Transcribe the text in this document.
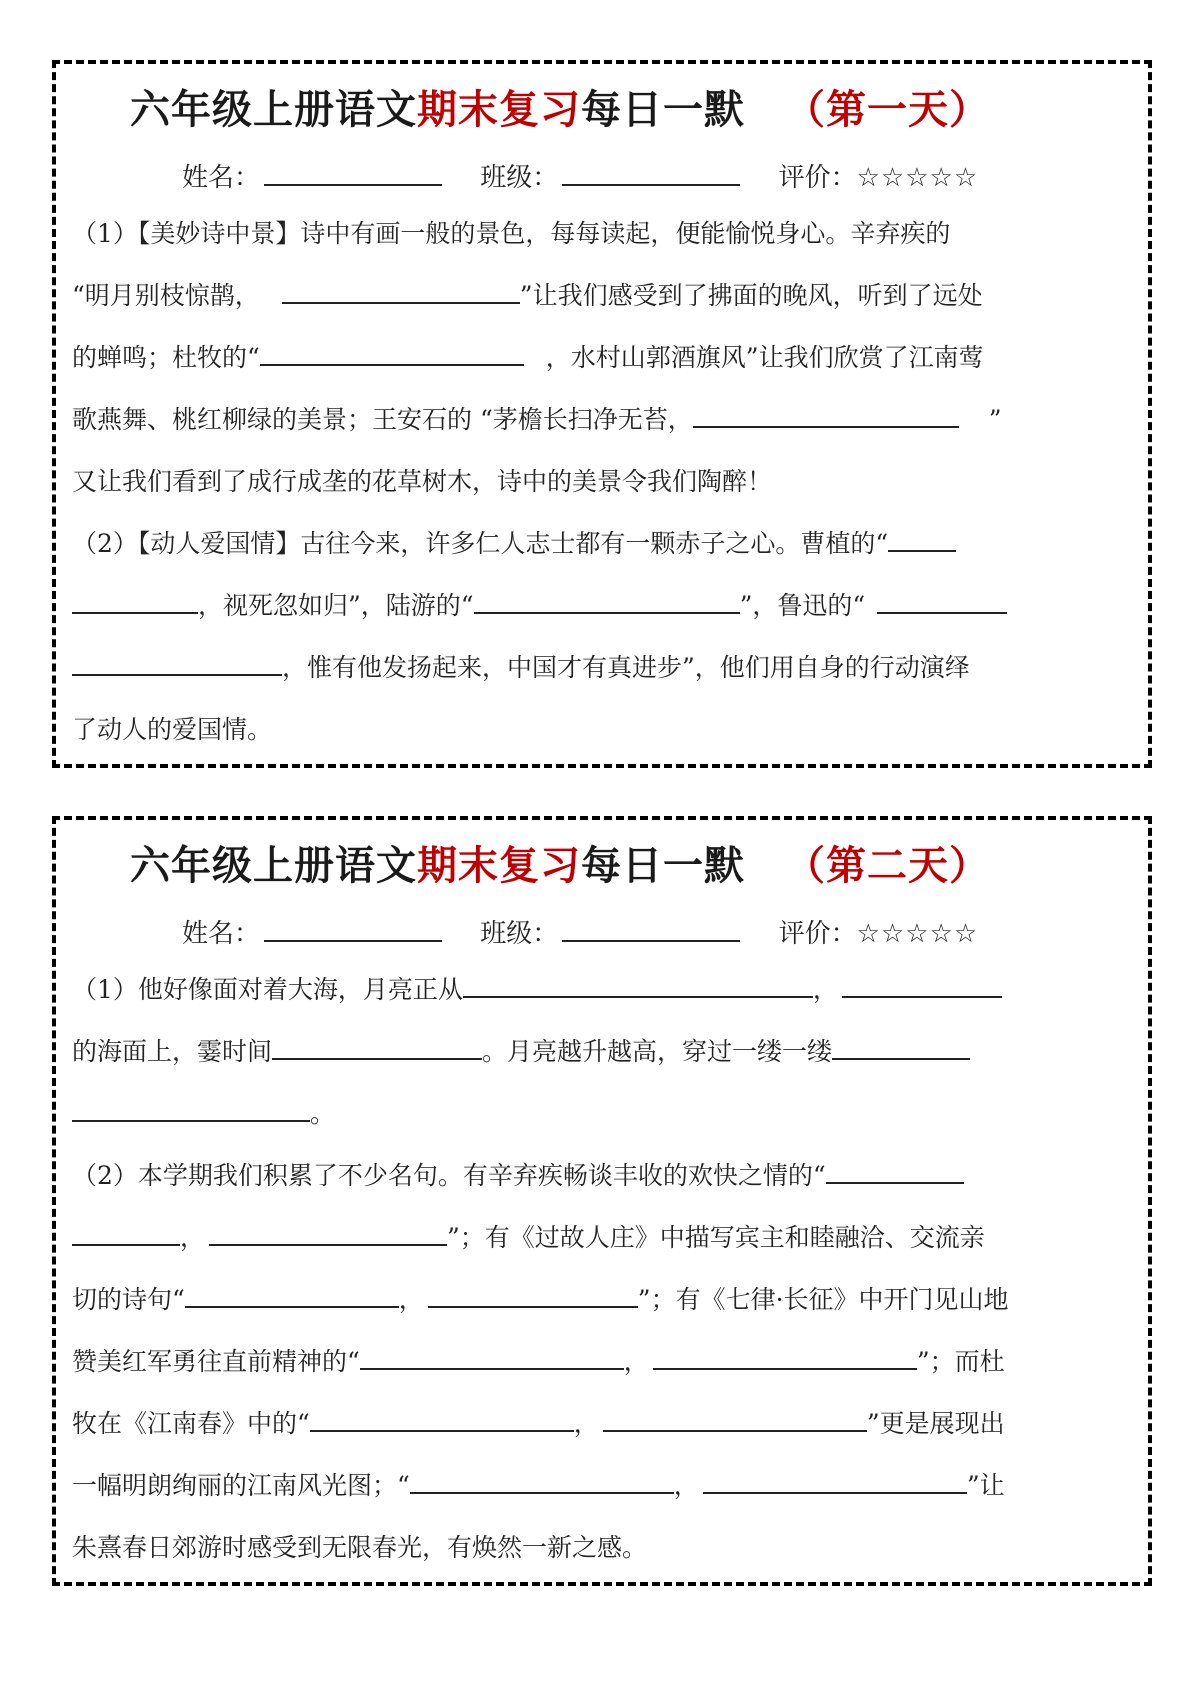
六年级上册语文期末复习每日一默 （第一天）
姓名：	班级：	评价：☆☆☆☆☆
（1）【美妙诗中景】诗中有画一般的景色，每每读起，便能愉悦身心。辛弃疾的
“明月别枝惊鹊，	”让我们感受到了拂面的晚风，听到了远处
的蝉鸣；杜牧的“	，水村山郭酒旗风”让我们欣赏了江南莺
歌燕舞、桃红柳绿的美景；王安石的 “茅檐长扫净无苔，	”
又让我们看到了成行成垄的花草树木，诗中的美景令我们陶醉！
（2）【动人爱国情】古往今来，许多仁人志士都有一颗赤子之心。曹植的“
，视死忽如归”，陆游的“	”，鲁迅的“
，惟有他发扬起来，中国才有真进步”，他们用自身的行动演绎
了动人的爱国情。
六年级上册语文期末复习每日一默 （第二天）
姓名：	班级：	评价：☆☆☆☆☆
（1）他好像面对着大海，月亮正从	，
的海面上，霎时间	。月亮越升越高，穿过一缕一缕
。
（2）本学期我们积累了不少名句。有辛弃疾畅谈丰收的欢快之情的“
，	”；有《过故人庄》中描写宾主和睦融洽、交流亲
切的诗句“	，	”；有《七律·长征》中开门见山地
赞美红军勇往直前精神的“	，	”；而杜
牧在《江南春》中的“	，	”更是展现出
一幅明朗绚丽的江南风光图；“	，	”让
朱熹春日郊游时感受到无限春光，有焕然一新之感。
